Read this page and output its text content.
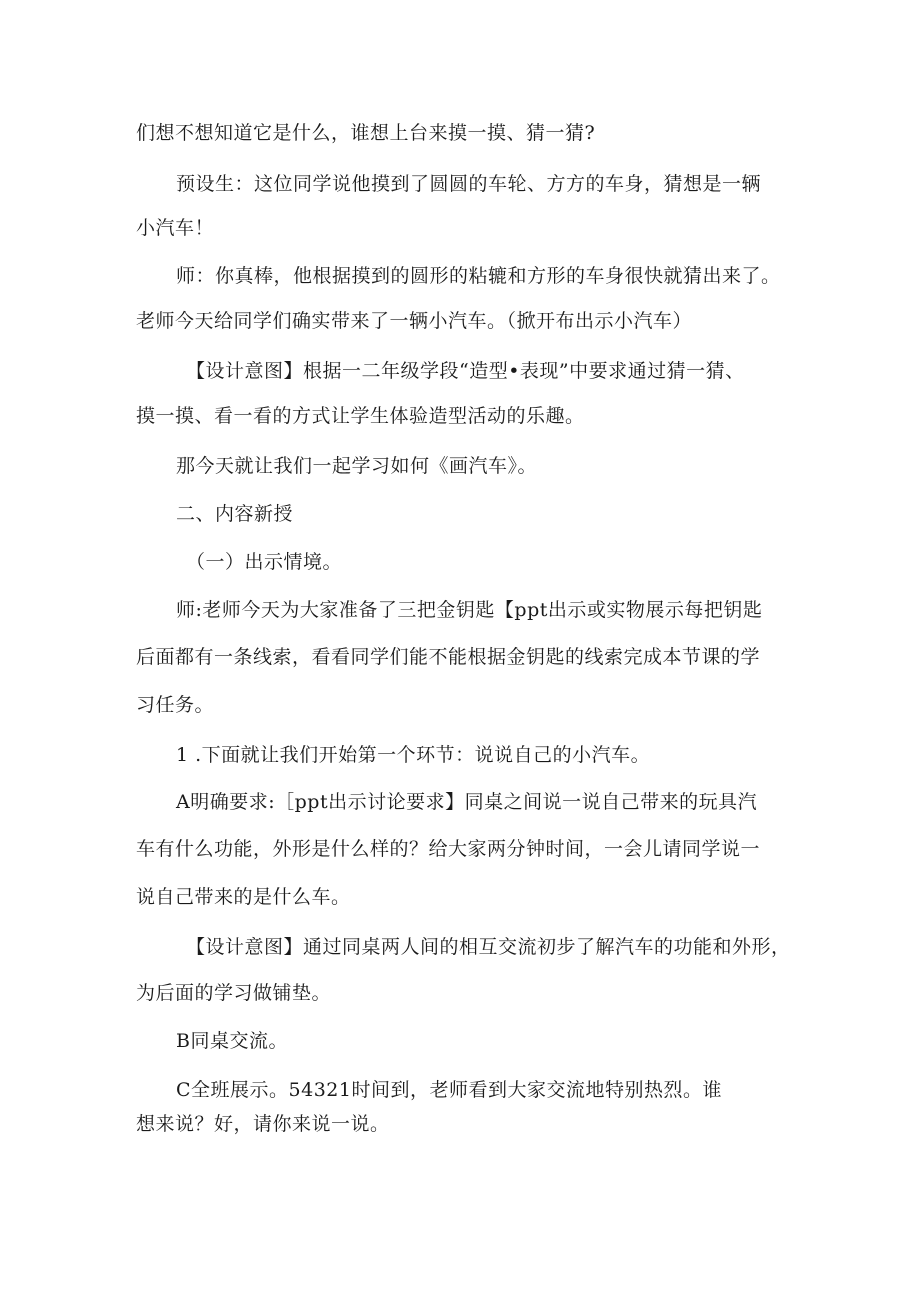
们想不想知道它是什么，谁想上台来摸一摸、猜一猜?

预设生：这位同学说他摸到了圆圆的车轮、方方的车身，猜想是一辆

小汽车！

师：你真棒，他根据摸到的圆形的粘辘和方形的车身很快就猜出来了。

老师今天给同学们确实带来了一辆小汽车。（掀开布出示小汽车）

【设计意图】根据一二年级学段“造型•表现”中要求通过猜一猜、

摸一摸、看一看的方式让学生体验造型活动的乐趣。

那今天就让我们一起学习如何《画汽车》。

二、内容新授

（一）出示情境。

师:老师今天为大家准备了三把金钥匙【ppt出示或实物展示每把钥匙

后面都有一条线索，看看同学们能不能根据金钥匙的线索完成本节课的学

习任务。

1 .下面就让我们开始第一个环节：说说自己的小汽车。

A明确要求:［ppt出示讨论要求】同桌之间说一说自己带来的玩具汽

车有什么功能，外形是什么样的？给大家两分钟时间，一会儿请同学说一

说自己带来的是什么车。

【设计意图】通过同桌两人间的相互交流初步了解汽车的功能和外形，

为后面的学习做铺垫。

B同桌交流。

C全班展示。54321时间到，老师看到大家交流地特别热烈。谁

想来说？好，请你来说一说。
